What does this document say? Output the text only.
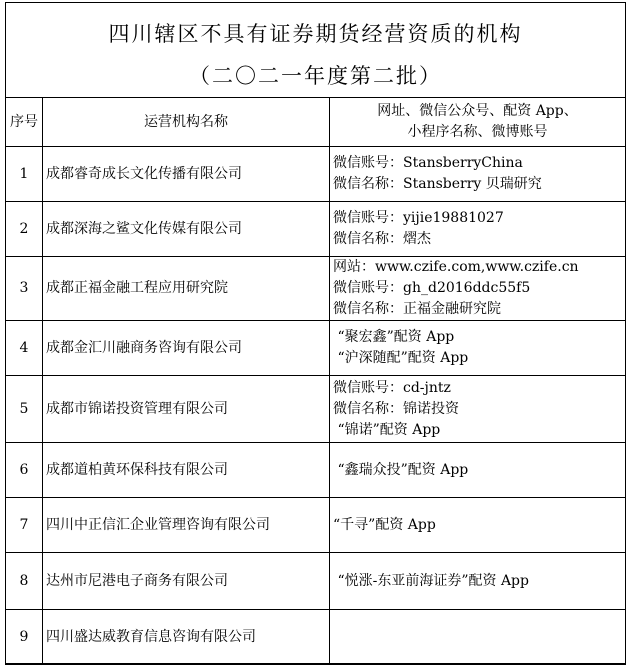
四川辖区不具有证券期货经营资质的机构
（二〇二一年度第二批）
序号	运营机构名称	网址、微信公众号、配资 App、
小程序名称、微博账号

1	成都睿奇成长文化传播有限公司	微信账号：StansberryChina
微信名称：Stansberry 贝瑞研究

2	成都深海之鲨文化传媒有限公司	微信账号：yijie19881027
微信名称：熠杰

3	成都正福金融工程应用研究院	网站：www.czife.com,www.czife.cn
微信账号：gh_d2016ddc55f5
微信名称：正福金融研究院

4	成都金汇川融商务咨询有限公司	“聚宏鑫”配资 App
“沪深随配”配资 App

5	成都市锦诺投资管理有限公司	微信账号：cd-jntz
微信名称：锦诺投资
“锦诺”配资 App

6	成都道柏黄环保科技有限公司	“鑫瑞众投”配资 App

7	四川中正信汇企业管理咨询有限公司	“千寻”配资 App

8	达州市尼港电子商务有限公司	“悦涨-东亚前海证券”配资 App

9	四川盛达威教育信息咨询有限公司	
